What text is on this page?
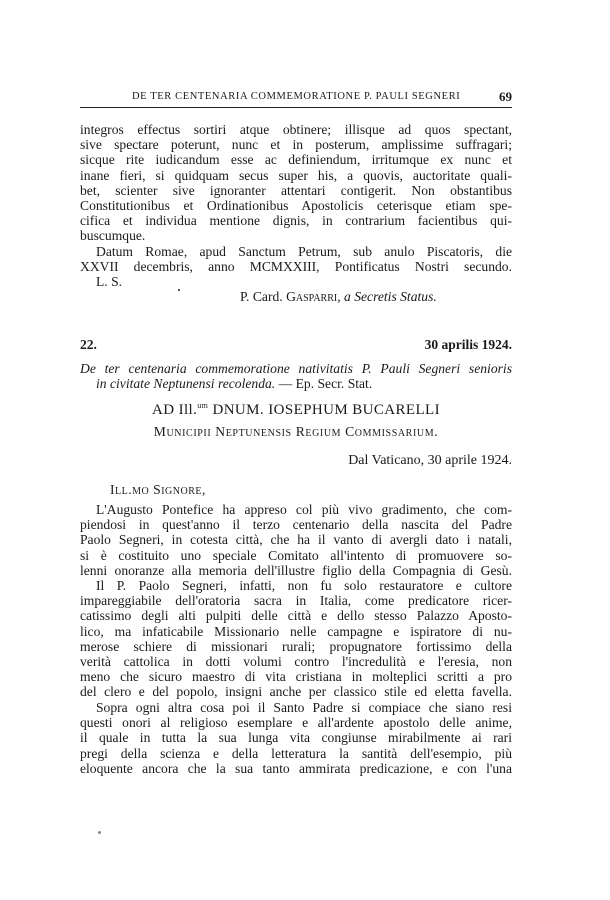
DE TER CENTENARIA COMMEMORATIONE P. PAULI SEGNERI	69
integros effectus sortiri atque obtinere; illisque ad quos spectant,
sive spectare poterunt, nunc et in posterum, amplissime suffragari;
sicque rite iudicandum esse ac definiendum, irritumque ex nunc et
inane fieri, si quidquam secus super his, a quovis, auctoritate quali-
bet, scienter sive ignoranter attentari contigerit. Non obstantibus
Constitutionibus et Ordinationibus Apostolicis ceterisque etiam spe-
cifica et individua mentione dignis, in contrarium facientibus qui-
buscumque.
Datum Romae, apud Sanctum Petrum, sub anulo Piscatoris, die
XXVII decembris, anno MCMXXIII, Pontificatus Nostri secundo.
L. S.
P. Card. Gasparri, a Secretis Status.
22.	30 aprilis 1924.
De ter centenaria commemoratione nativitatis P. Pauli Segneri senioris
in civitate Neptunensi recolenda. — Ep. Secr. Stat.
AD Ill.$^{um}$ DNUM. IOSEPHUM BUCARELLI
Municipii Neptunensis Regium Commissarium.
Dal Vaticano, 30 aprile 1924.
Ill.mo Signore,
L'Augusto Pontefice ha appreso col più vivo gradimento, che com-
piendosi in quest'anno il terzo centenario della nascita del Padre
Paolo Segneri, in cotesta città, che ha il vanto di avergli dato i natali,
si è costituito uno speciale Comitato all'intento di promuovere so-
lenni onoranze alla memoria dell'illustre figlio della Compagnia di Gesù.
Il P. Paolo Segneri, infatti, non fu solo restauratore e cultore
impareggiabile dell'oratoria sacra in Italia, come predicatore ricer-
catissimo degli alti pulpiti delle città e dello stesso Palazzo Aposto-
lico, ma infaticabile Missionario nelle campagne e ispiratore di nu-
merose schiere di missionari rurali; propugnatore fortissimo della
verità cattolica in dotti volumi contro l'incredulità e l'eresia, non
meno che sicuro maestro di vita cristiana in molteplici scritti a pro
del clero e del popolo, insigni anche per classico stile ed eletta favella.
Sopra ogni altra cosa poi il Santo Padre si compiace che siano resi
questi onori al religioso esemplare e all'ardente apostolo delle anime,
il quale in tutta la sua lunga vita congiunse mirabilmente ai rari
pregi della scienza e della letteratura la santità dell'esempio, più
eloquente ancora che la sua tanto ammirata predicazione, e con l'una
